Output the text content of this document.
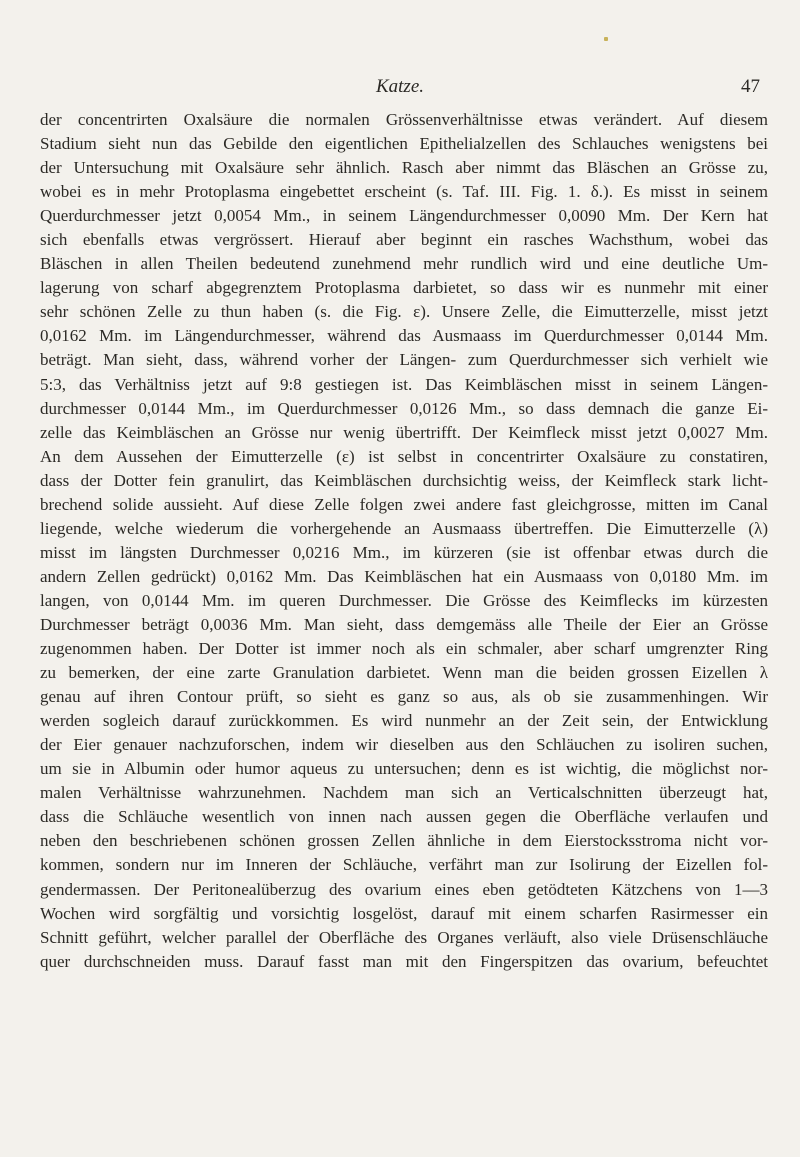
Katze.	47
der concentrirten Oxalsäure die normalen Grössenverhältnisse etwas verändert. Auf diesem
Stadium sieht nun das Gebilde den eigentlichen Epithelialzellen des Schlauches wenigstens bei
der Untersuchung mit Oxalsäure sehr ähnlich. Rasch aber nimmt das Bläschen an Grösse zu,
wobei es in mehr Protoplasma eingebettet erscheint (s. Taf. III. Fig. 1. δ.). Es misst in seinem
Querdurchmesser jetzt 0,0054 Mm., in seinem Längendurchmesser 0,0090 Mm. Der Kern hat
sich ebenfalls etwas vergrössert. Hierauf aber beginnt ein rasches Wachsthum, wobei das
Bläschen in allen Theilen bedeutend zunehmend mehr rundlich wird und eine deutliche Um-
lagerung von scharf abgegrenztem Protoplasma darbietet, so dass wir es nunmehr mit einer
sehr schönen Zelle zu thun haben (s. die Fig. ε). Unsere Zelle, die Eimutterzelle, misst jetzt
0,0162 Mm. im Längendurchmesser, während das Ausmaass im Querdurchmesser 0,0144 Mm.
beträgt. Man sieht, dass, während vorher der Längen- zum Querdurchmesser sich verhielt wie
5:3, das Verhältniss jetzt auf 9:8 gestiegen ist. Das Keimbläschen misst in seinem Längen-
durchmesser 0,0144 Mm., im Querdurchmesser 0,0126 Mm., so dass demnach die ganze Ei-
zelle das Keimbläschen an Grösse nur wenig übertrifft. Der Keimfleck misst jetzt 0,0027 Mm.
An dem Aussehen der Eimutterzelle (ε) ist selbst in concentrirter Oxalsäure zu constatiren,
dass der Dotter fein granulirt, das Keimbläschen durchsichtig weiss, der Keimfleck stark licht-
brechend solide aussieht. Auf diese Zelle folgen zwei andere fast gleichgrosse, mitten im Canal
liegende, welche wiederum die vorhergehende an Ausmaass übertreffen. Die Eimutterzelle (λ)
misst im längsten Durchmesser 0,0216 Mm., im kürzeren (sie ist offenbar etwas durch die
andern Zellen gedrückt) 0,0162 Mm. Das Keimbläschen hat ein Ausmaass von 0,0180 Mm. im
langen, von 0,0144 Mm. im queren Durchmesser. Die Grösse des Keimflecks im kürzesten
Durchmesser beträgt 0,0036 Mm. Man sieht, dass demgemäss alle Theile der Eier an Grösse
zugenommen haben. Der Dotter ist immer noch als ein schmaler, aber scharf umgrenzter Ring
zu bemerken, der eine zarte Granulation darbietet. Wenn man die beiden grossen Eizellen λ
genau auf ihren Contour prüft, so sieht es ganz so aus, als ob sie zusammenhingen. Wir
werden sogleich darauf zurückkommen. Es wird nunmehr an der Zeit sein, der Entwicklung
der Eier genauer nachzuforschen, indem wir dieselben aus den Schläuchen zu isoliren suchen,
um sie in Albumin oder humor aqueus zu untersuchen; denn es ist wichtig, die möglichst nor-
malen Verhältnisse wahrzunehmen. Nachdem man sich an Verticalschnitten überzeugt hat,
dass die Schläuche wesentlich von innen nach aussen gegen die Oberfläche verlaufen und
neben den beschriebenen schönen grossen Zellen ähnliche in dem Eierstocksstroma nicht vor-
kommen, sondern nur im Inneren der Schläuche, verfährt man zur Isolirung der Eizellen fol-
gendermassen. Der Peritonealüberzug des ovarium eines eben getödteten Kätzchens von 1—3
Wochen wird sorgfältig und vorsichtig losgelöst, darauf mit einem scharfen Rasirmesser ein
Schnitt geführt, welcher parallel der Oberfläche des Organes verläuft, also viele Drüsenschläuche
quer durchschneiden muss. Darauf fasst man mit den Fingerspitzen das ovarium, befeuchtet
